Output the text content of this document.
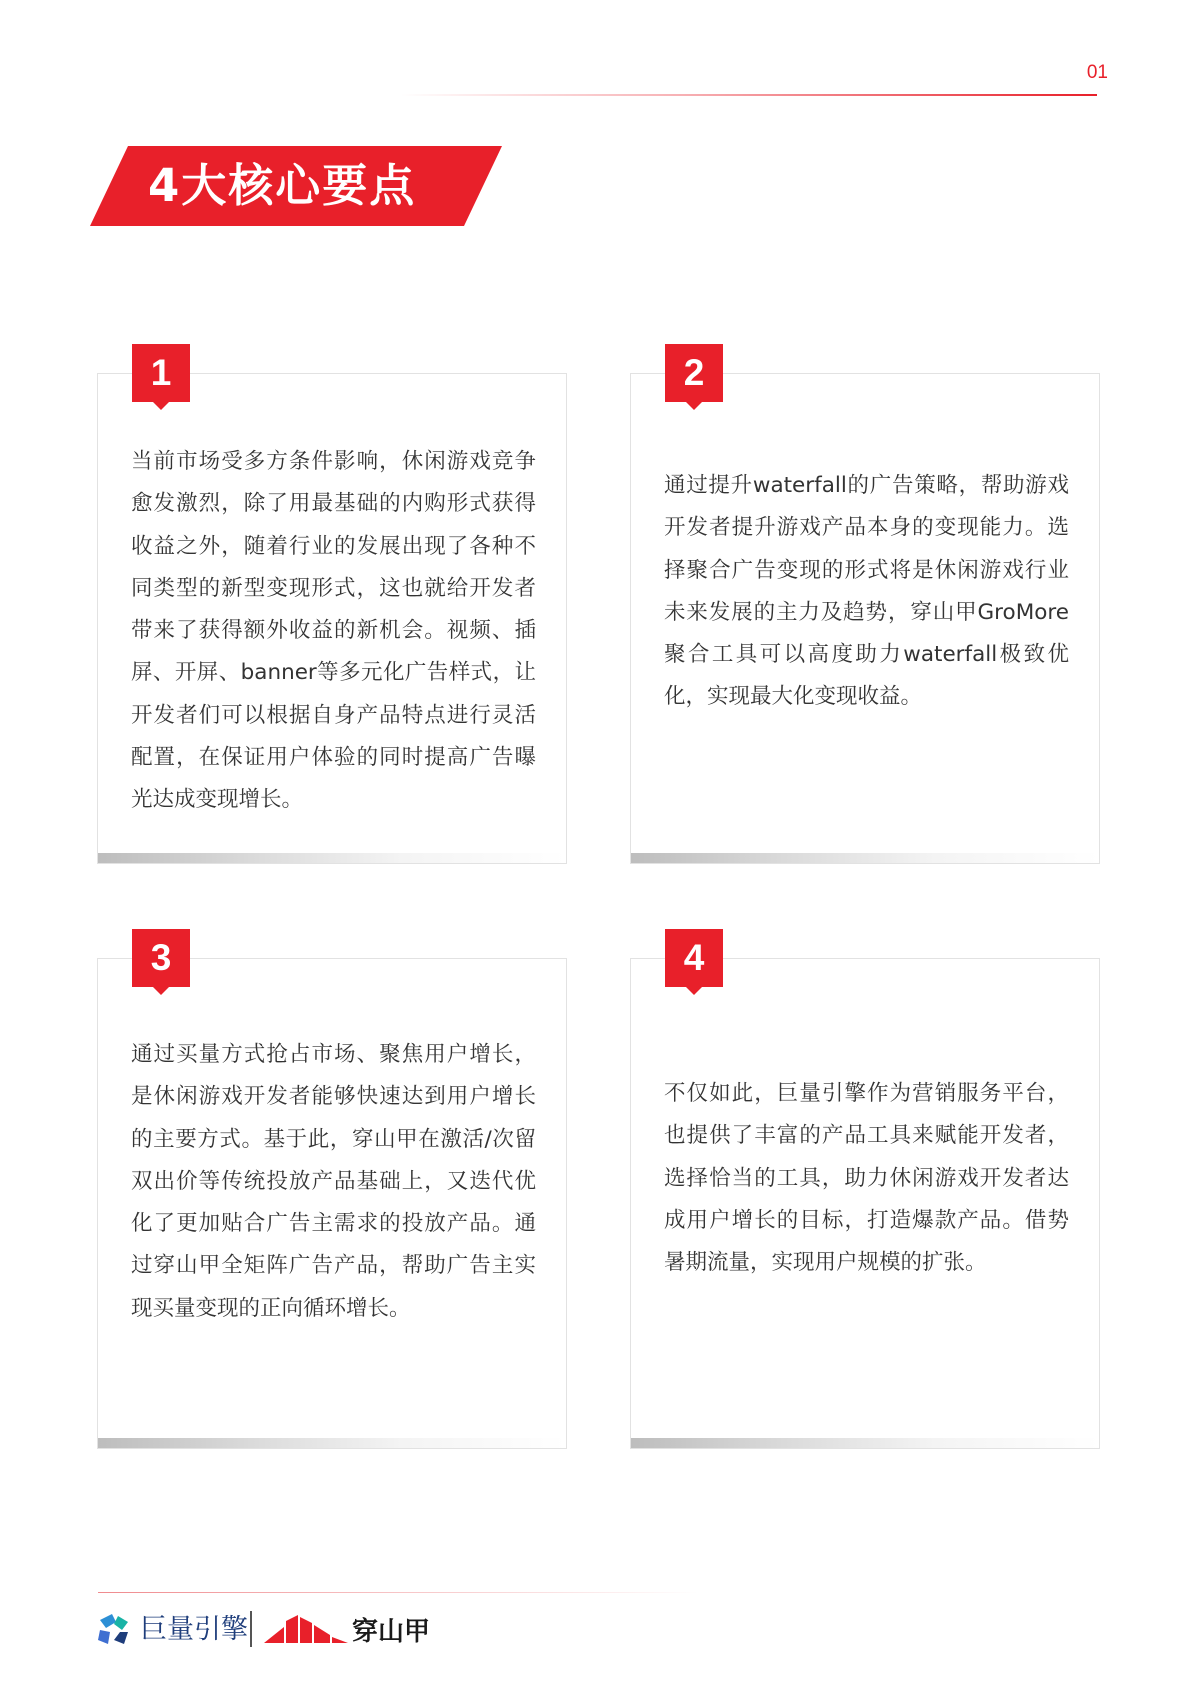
01
4大核心要点
1
当前市场受多方条件影响，休闲游戏竞争愈发激烈，除了用最基础的内购形式获得收益之外，随着行业的发展出现了各种不同类型的新型变现形式，这也就给开发者带来了获得额外收益的新机会。视频、插屏、开屏、banner等多元化广告样式，让开发者们可以根据自身产品特点进行灵活配置，在保证用户体验的同时提高广告曝光达成变现增长。
2
通过提升waterfall的广告策略，帮助游戏开发者提升游戏产品本身的变现能力。选择聚合广告变现的形式将是休闲游戏行业未来发展的主力及趋势，穿山甲GroMore聚合工具可以高度助力waterfall极致优化，实现最大化变现收益。
3
通过买量方式抢占市场、聚焦用户增长，是休闲游戏开发者能够快速达到用户增长的主要方式。基于此，穿山甲在激活/次留双出价等传统投放产品基础上，又迭代优化了更加贴合广告主需求的投放产品。通过穿山甲全矩阵广告产品，帮助广告主实现买量变现的正向循环增长。
4
不仅如此，巨量引擎作为营销服务平台，也提供了丰富的产品工具来赋能开发者，选择恰当的工具，助力休闲游戏开发者达成用户增长的目标，打造爆款产品。借势暑期流量，实现用户规模的扩张。
巨量引擎	穿山甲
